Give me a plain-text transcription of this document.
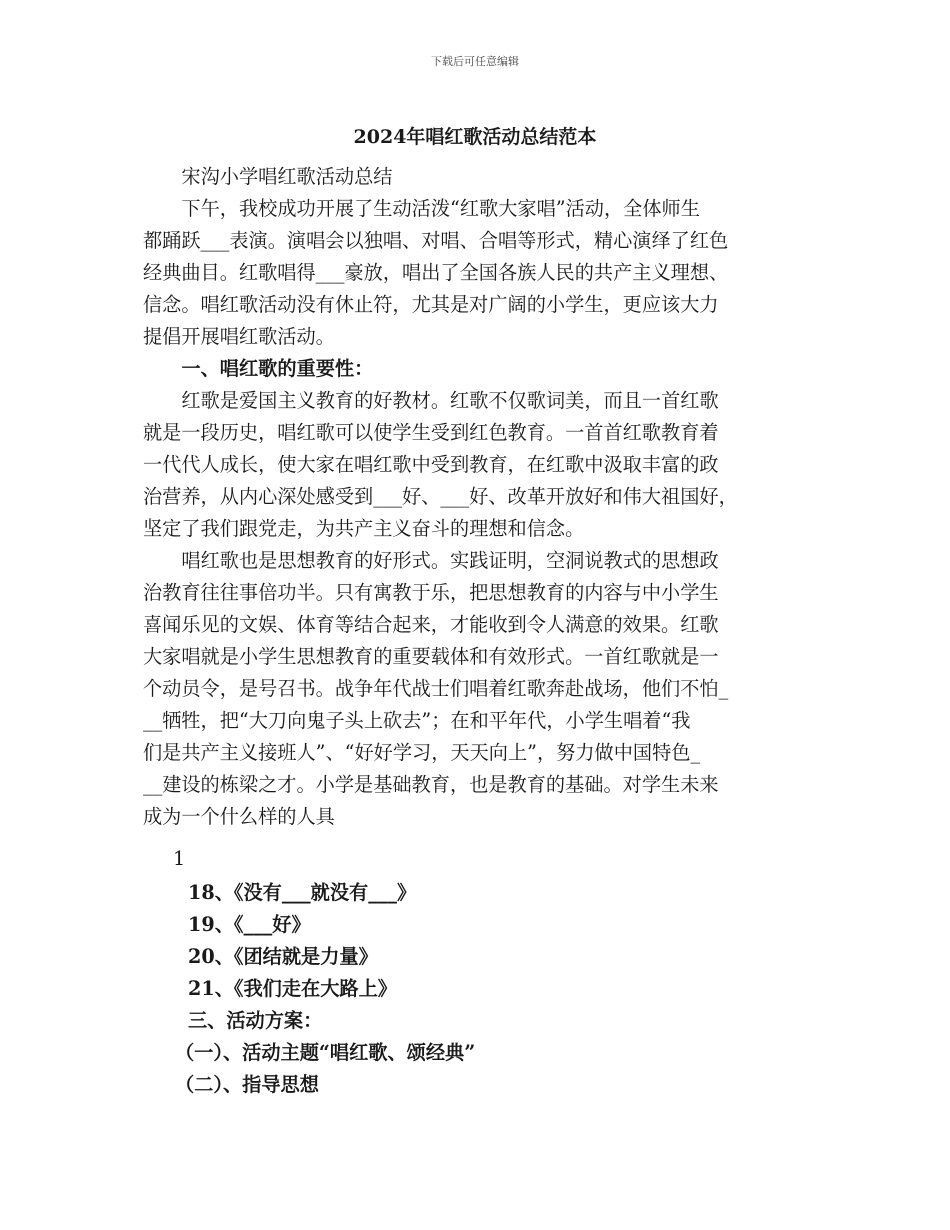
下载后可任意编辑
2024年唱红歌活动总结范本

宋沟小学唱红歌活动总结

下午，我校成功开展了生动活泼“红歌大家唱”活动，全体师生
都踊跃___表演。演唱会以独唱、对唱、合唱等形式，精心演绎了红色
经典曲目。红歌唱得___豪放，唱出了全国各族人民的共产主义理想、
信念。唱红歌活动没有休止符，尤其是对广阔的小学生，更应该大力
提倡开展唱红歌活动。

一、唱红歌的重要性：

红歌是爱国主义教育的好教材。红歌不仅歌词美，而且一首红歌
就是一段历史，唱红歌可以使学生受到红色教育。一首首红歌教育着
一代代人成长，使大家在唱红歌中受到教育，在红歌中汲取丰富的政
治营养，从内心深处感受到___好、___好、改革开放好和伟大祖国好，
坚定了我们跟党走，为共产主义奋斗的理想和信念。
唱红歌也是思想教育的好形式。实践证明，空洞说教式的思想政
治教育往往事倍功半。只有寓教于乐，把思想教育的内容与中小学生
喜闻乐见的文娱、体育等结合起来，才能收到令人满意的效果。红歌
大家唱就是小学生思想教育的重要载体和有效形式。一首红歌就是一
个动员令，是号召书。战争年代战士们唱着红歌奔赴战场，他们不怕_
__牺牲，把“大刀向鬼子头上砍去”；在和平年代，小学生唱着“我
们是共产主义接班人”、“好好学习，天天向上”，努力做中国特色_
__建设的栋梁之才。小学是基础教育，也是教育的基础。对学生未来
成为一个什么样的人具
1
18、《没有___就没有___》
19、《___好》
20、《团结就是力量》
21、《我们走在大路上》
三、活动方案：
（一）、活动主题“唱红歌、颂经典”
（二）、指导思想
